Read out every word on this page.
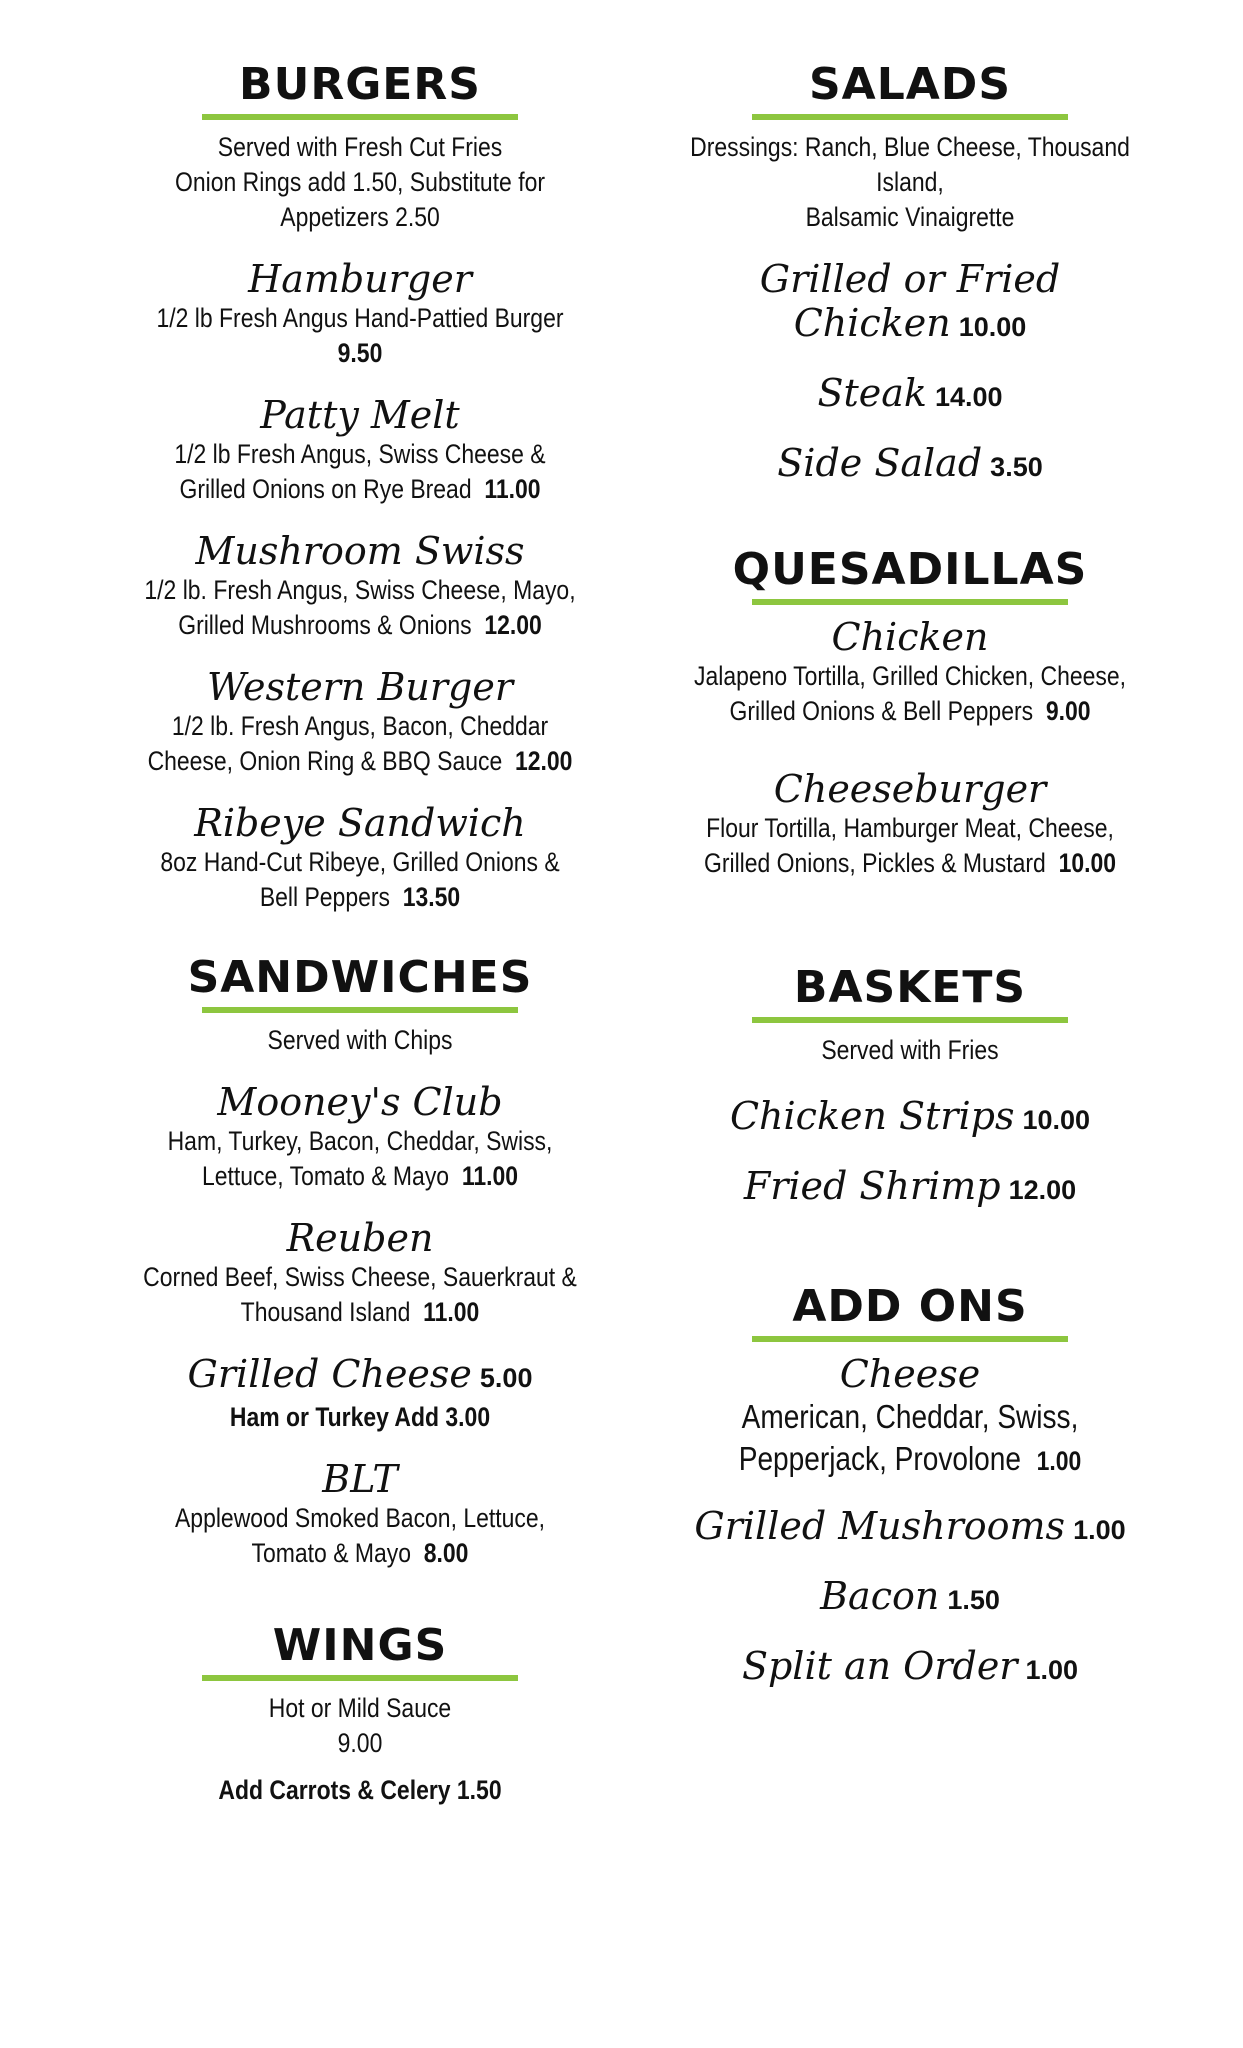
BURGERS
Served with Fresh Cut Fries
Onion Rings add 1.50, Substitute for
Appetizers 2.50
Hamburger
1/2 lb Fresh Angus Hand-Pattied Burger
9.50
Patty Melt
1/2 lb Fresh Angus, Swiss Cheese & Grilled Onions on Rye Bread 11.00
Mushroom Swiss
1/2 lb. Fresh Angus, Swiss Cheese, Mayo, Grilled Mushrooms & Onions 12.00
Western Burger
1/2 lb. Fresh Angus, Bacon, Cheddar Cheese, Onion Ring & BBQ Sauce 12.00
Ribeye Sandwich
8oz Hand-Cut Ribeye, Grilled Onions & Bell Peppers 13.50
SANDWICHES
Served with Chips
Mooney's Club
Ham, Turkey, Bacon, Cheddar, Swiss, Lettuce, Tomato & Mayo 11.00
Reuben
Corned Beef, Swiss Cheese, Sauerkraut & Thousand Island 11.00
Grilled Cheese 5.00
Ham or Turkey Add 3.00
BLT
Applewood Smoked Bacon, Lettuce, Tomato & Mayo 8.00
WINGS
Hot or Mild Sauce
9.00
Add Carrots & Celery 1.50
SALADS
Dressings: Ranch, Blue Cheese, Thousand
Island,
Balsamic Vinaigrette
Grilled or Fried Chicken 10.00
Steak 14.00
Side Salad 3.50
QUESADILLAS
Chicken
Jalapeno Tortilla, Grilled Chicken, Cheese, Grilled Onions & Bell Peppers 9.00
Cheeseburger
Flour Tortilla, Hamburger Meat, Cheese, Grilled Onions, Pickles & Mustard 10.00
BASKETS
Served with Fries
Chicken Strips 10.00
Fried Shrimp 12.00
ADD ONS
Cheese
American, Cheddar, Swiss, Pepperjack, Provolone 1.00
Grilled Mushrooms 1.00
Bacon 1.50
Split an Order 1.00
